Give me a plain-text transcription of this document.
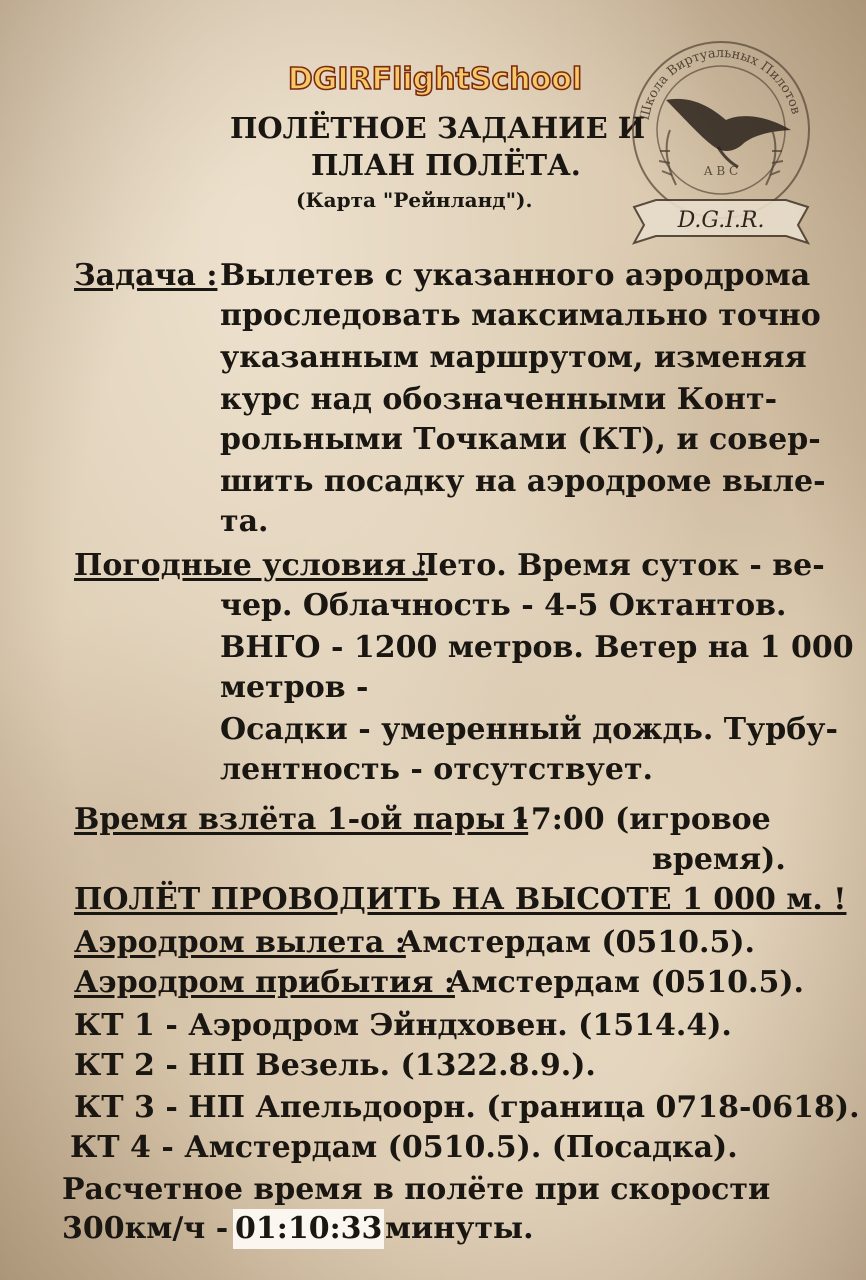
DGIRFlightSchool
ПОЛЁТНОЕ ЗАДАНИЕ И
ПЛАН ПОЛЁТА.
(Карта "Рейнланд").
Школа Виртуальных Пилотов
A B C
D.G.I.R.
Задача : Вылетев с указанного аэродрома
проследовать максимально точно
указанным маршрутом, изменяя
курс над обозначенными Конт-
рольными Точками (КТ), и совер-
шить посадку на аэродроме выле-
та.
Погодные условия :
Лето. Время суток - ве-
чер. Облачность - 4-5 Октантов.
ВНГО - 1200 метров. Ветер на 1 000
метров -
Осадки - умеренный дождь. Турбу-
лентность - отсутствует.
Время взлёта 1-ой пары -
17:00 (игровое
время).
ПОЛЁТ ПРОВОДИТЬ НА ВЫСОТЕ 1 000 м. !
Аэродром вылета :
Амстердам (0510.5).
Аэродром прибытия :
Амстердам (0510.5).
КТ 1 - Аэродром Эйндховен. (1514.4).
КТ 2 - НП Везель. (1322.8.9.).
КТ 3 - НП Апельдоорн. (граница 0718-0618).
КТ 4 - Амстердам (0510.5). (Посадка).
Расчетное время в полёте при скорости
300км/ч - 01:10:33 минуты.
